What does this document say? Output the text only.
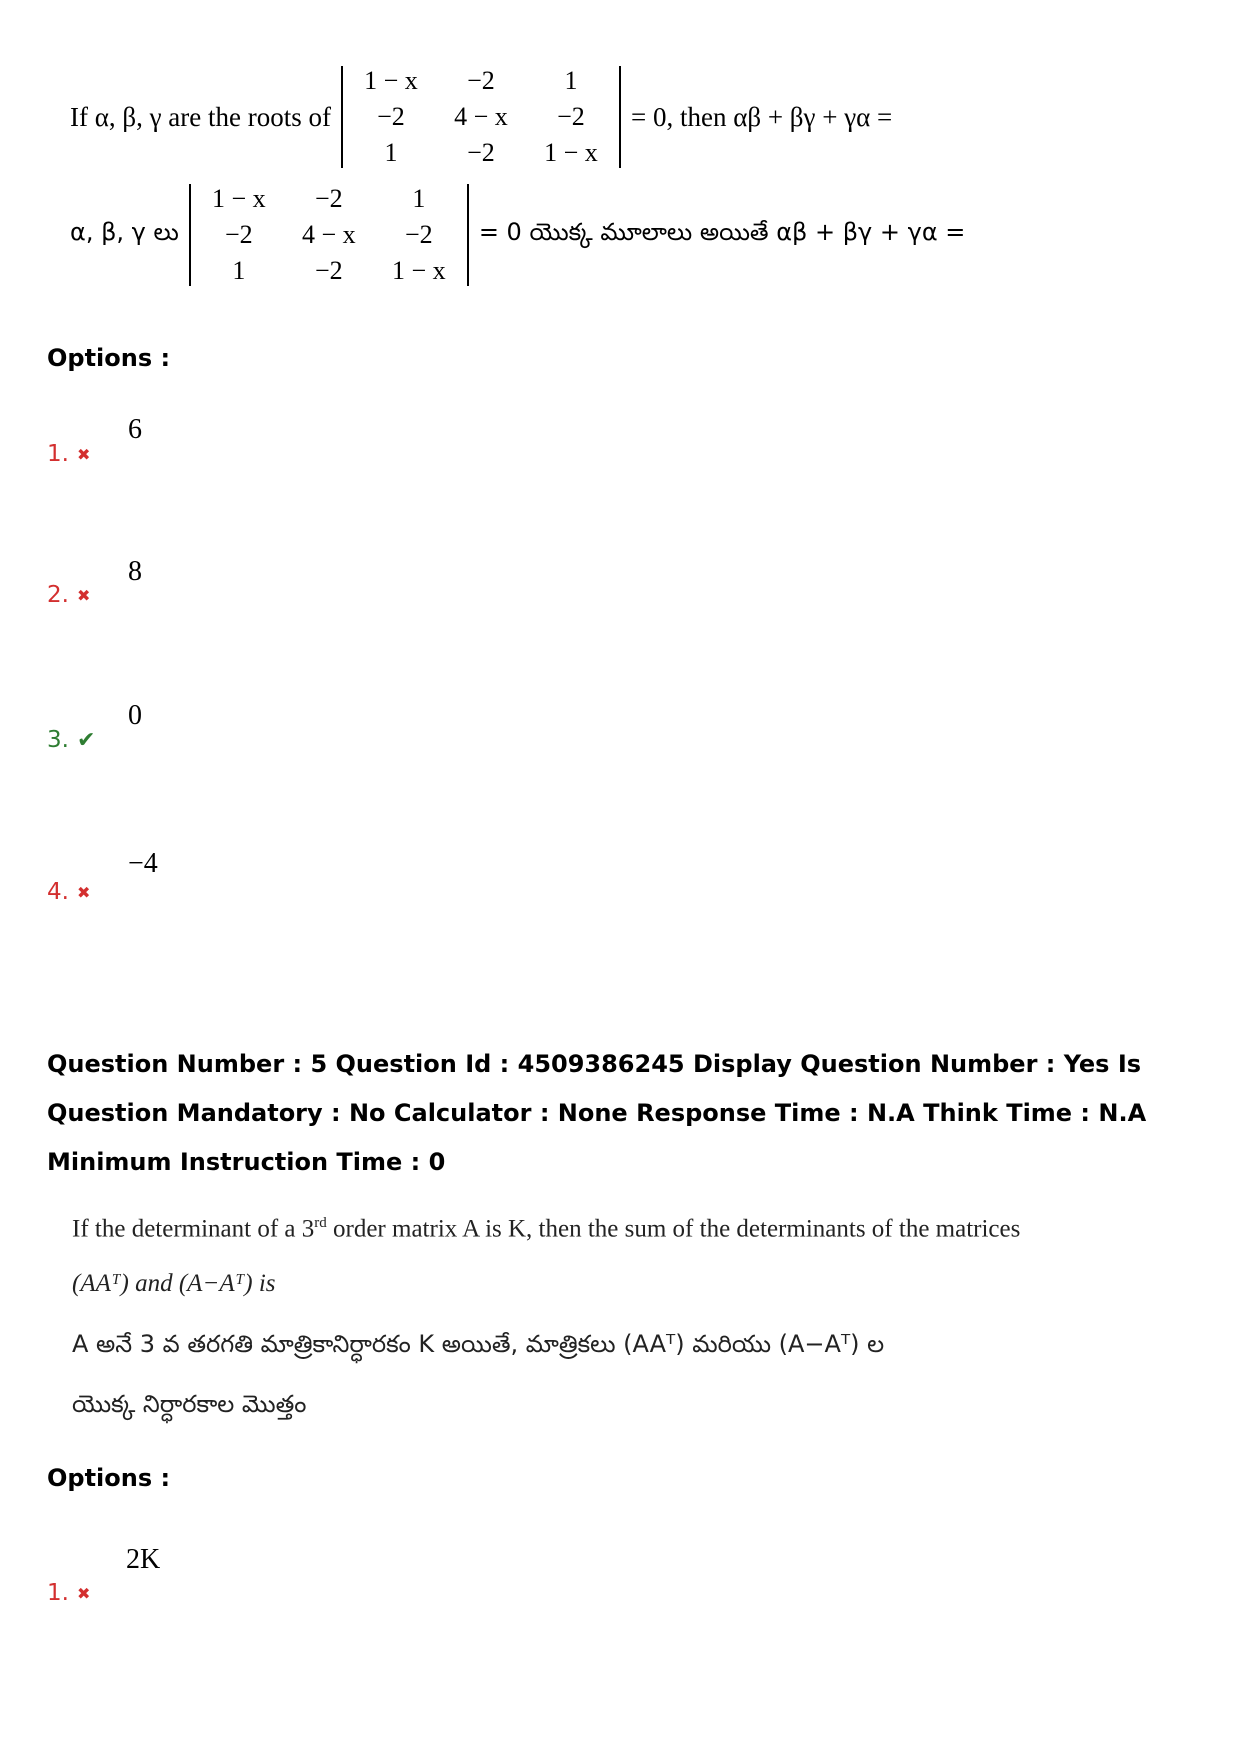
If α, β, γ are the roots of
1 − x	−2	1
−2	4 − x	−2
1	−2	1 − x
= 0, then αβ + βγ + γα =
α, β, γ లు
1 − x	−2	1
−2	4 − x	−2
1	−2	1 − x
= 0 యొక్క మూలాలు అయితే αβ + βγ + γα =
Options :
1. ✖
6
2. ✖
8
3. ✔
0
4. ✖
−4
Question Number : 5 Question Id : 4509386245 Display Question Number : Yes Is Question Mandatory : No Calculator : None Response Time : N.A Think Time : N.A Minimum Instruction Time : 0
If the determinant of a 3rd order matrix A is K, then the sum of the determinants of the matrices
(AAᵀ) and (A−Aᵀ) is
A అనే 3 వ తరగతి మాత్రికానిర్ధారకం K అయితే, మాత్రికలు (AAᵀ) మరియు (A−Aᵀ) ల
యొక్క నిర్ధారకాల మొత్తం
Options :
1. ✖
2K
